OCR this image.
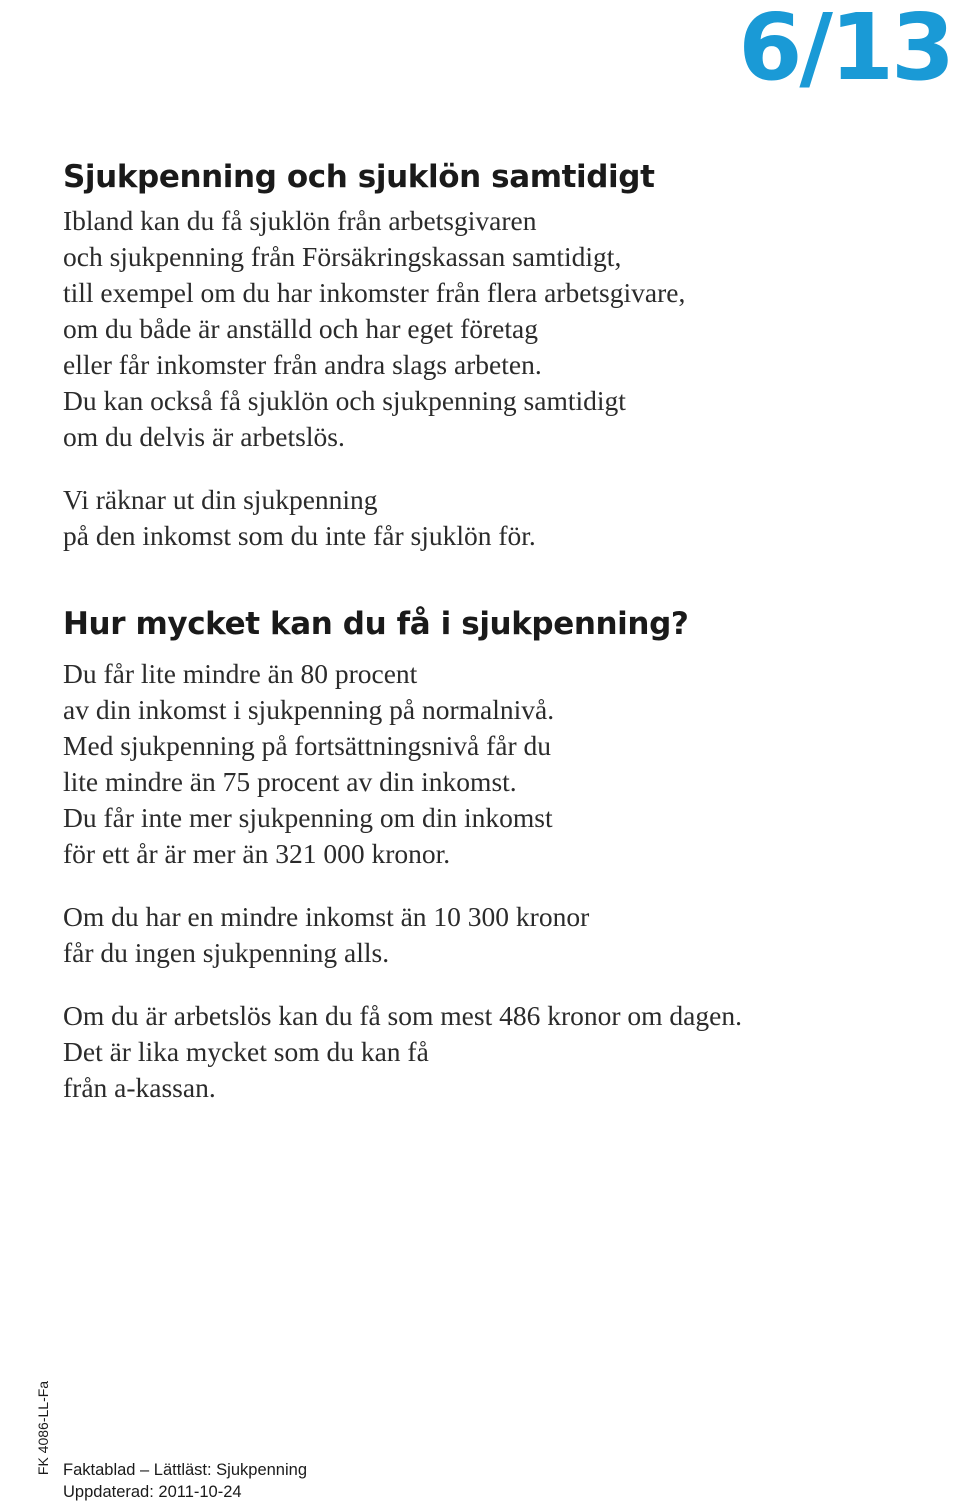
6/13
Sjukpenning och sjuklön samtidigt

Ibland kan du få sjuklön från arbetsgivaren
och sjukpenning från Försäkringskassan samtidigt,
till exempel om du har inkomster från flera arbetsgivare,
om du både är anställd och har eget företag
eller får inkomster från andra slags arbeten.
Du kan också få sjuklön och sjukpenning samtidigt
om du delvis är arbetslös.

Vi räknar ut din sjukpenning
på den inkomst som du inte får sjuklön för.

Hur mycket kan du få i sjukpenning?

Du får lite mindre än 80 procent
av din inkomst i sjukpenning på normalnivå.
Med sjukpenning på fortsättningsnivå får du
lite mindre än 75 procent av din inkomst.
Du får inte mer sjukpenning om din inkomst
för ett år är mer än 321 000 kronor.

Om du har en mindre inkomst än 10 300 kronor
får du ingen sjukpenning alls.

Om du är arbetslös kan du få som mest 486 kronor om dagen.
Det är lika mycket som du kan få
från a-kassan.

FK 4086-LL-Fa Faktablad – Lättläst: Sjukpenning
Uppdaterad: 2011-10-24
